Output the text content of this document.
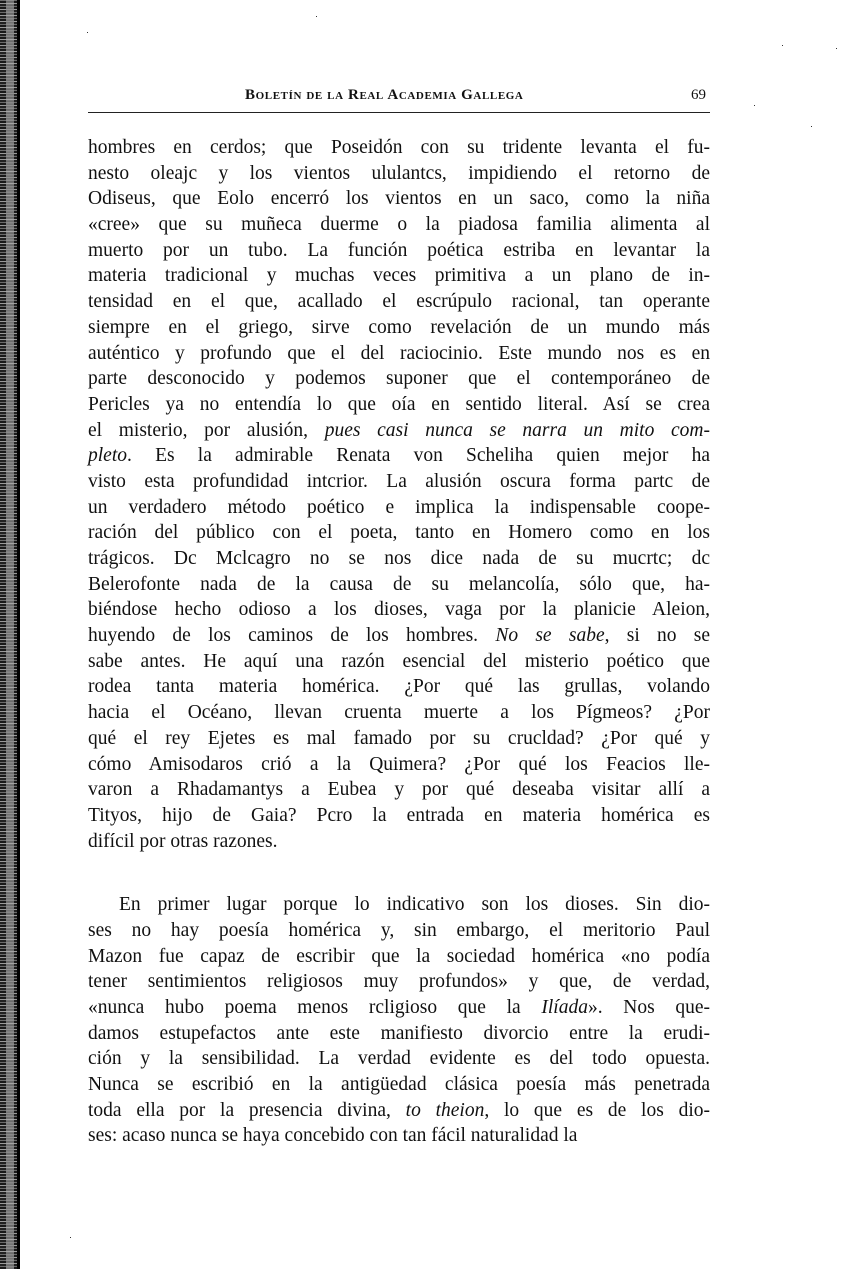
Boletín de la Real Academia Gallega	69
hombres en cerdos; que Poseidón con su tridente levanta el fu-
nesto oleajc y los vientos ululantcs, impidiendo el retorno de
Odiseus, que Eolo encerró los vientos en un saco, como la niña
«cree» que su muñeca duerme o la piadosa familia alimenta al
muerto por un tubo. La función poética estriba en levantar la
materia tradicional y muchas veces primitiva a un plano de in-
tensidad en el que, acallado el escrúpulo racional, tan operante
siempre en el griego, sirve como revelación de un mundo más
auténtico y profundo que el del raciocinio. Este mundo nos es en
parte desconocido y podemos suponer que el contemporáneo de
Pericles ya no entendía lo que oía en sentido literal. Así se crea
el misterio, por alusión, pues casi nunca se narra un mito com-
pleto. Es la admirable Renata von Scheliha quien mejor ha
visto esta profundidad intcrior. La alusión oscura forma partc de
un verdadero método poético e implica la indispensable coope-
ración del público con el poeta, tanto en Homero como en los
trágicos. Dc Mclcagro no se nos dice nada de su mucrtc; dc
Belerofonte nada de la causa de su melancolía, sólo que, ha-
biéndose hecho odioso a los dioses, vaga por la planicie Aleion,
huyendo de los caminos de los hombres. No se sabe, si no se
sabe antes. He aquí una razón esencial del misterio poético que
rodea tanta materia homérica. ¿Por qué las grullas, volando
hacia el Océano, llevan cruenta muerte a los Pígmeos? ¿Por
qué el rey Ejetes es mal famado por su crucldad? ¿Por qué y
cómo Amisodaros crió a la Quimera? ¿Por qué los Feacios lle-
varon a Rhadamantys a Eubea y por qué deseaba visitar allí a
Tityos, hijo de Gaia? Pcro la entrada en materia homérica es
difícil por otras razones.
En primer lugar porque lo indicativo son los dioses. Sin dio-
ses no hay poesía homérica y, sin embargo, el meritorio Paul
Mazon fue capaz de escribir que la sociedad homérica «no podía
tener sentimientos religiosos muy profundos» y que, de verdad,
«nunca hubo poema menos rcligioso que la Ilíada». Nos que-
damos estupefactos ante este manifiesto divorcio entre la erudi-
ción y la sensibilidad. La verdad evidente es del todo opuesta.
Nunca se escribió en la antigüedad clásica poesía más penetrada
toda ella por la presencia divina, to theion, lo que es de los dio-
ses: acaso nunca se haya concebido con tan fácil naturalidad la
